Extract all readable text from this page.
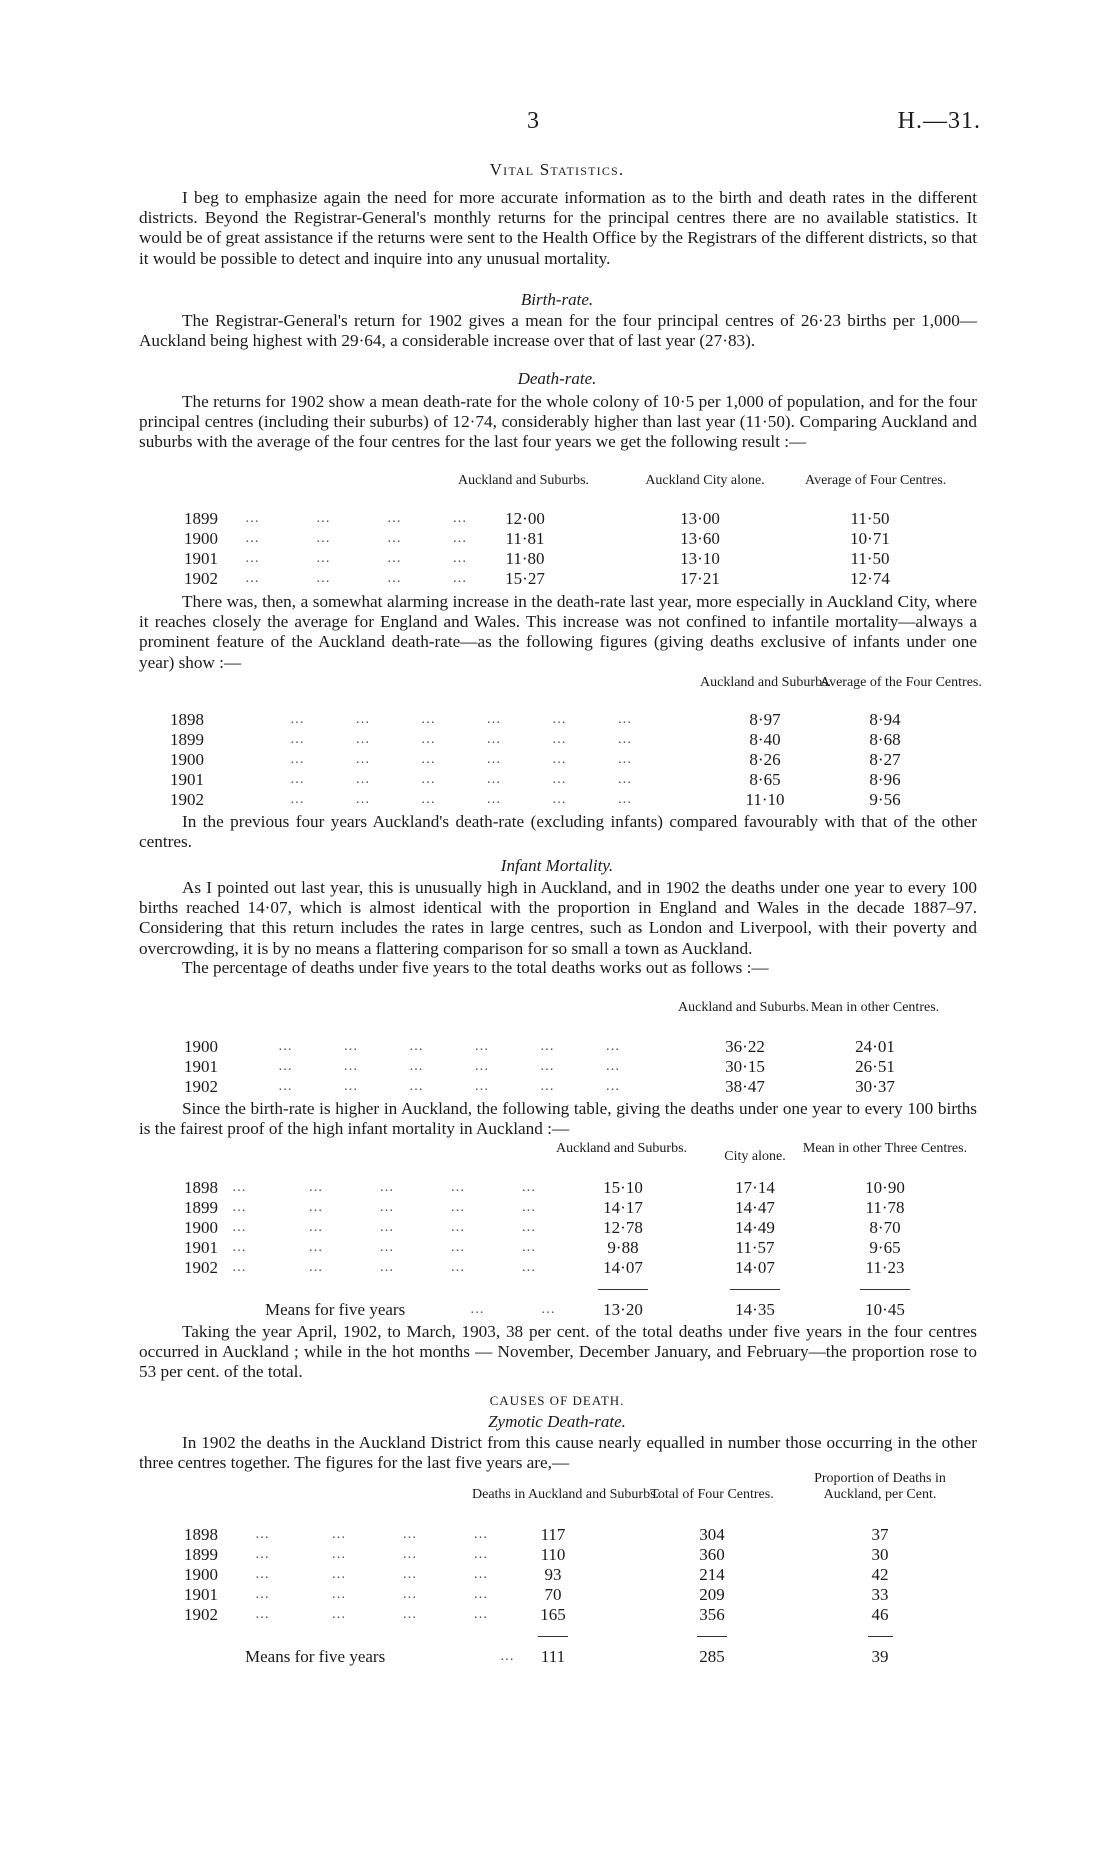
3	H.—31.
Vital Statistics.

I beg to emphasize again the need for more accurate information as to the birth and death rates in the different districts. Beyond the Registrar-General's monthly returns for the principal centres there are no available statistics. It would be of great assistance if the returns were sent to the Health Office by the Registrars of the different districts, so that it would be possible to detect and inquire into any unusual mortality.

Birth-rate.

The Registrar-General's return for 1902 gives a mean for the four principal centres of 26·23 births per 1,000—Auckland being highest with 29·64, a considerable increase over that of last year (27·83).

Death-rate.

The returns for 1902 show a mean death-rate for the whole colony of 10·5 per 1,000 of population, and for the four principal centres (including their suburbs) of 12·74, considerably higher than last year (11·50). Comparing Auckland and suburbs with the average of the four centres for the last four years we get the following result :—

Auckland and Suburbs.	Auckland City alone.	Average of Four Centres.
1899 …          …          …         …	12·00	13·00	11·50
1900 …          …          …         …	11·81	13·60	10·71
1901 …          …          …         …	11·80	13·10	11·50
1902 …          …          …         …	15·27	17·21	12·74

There was, then, a somewhat alarming increase in the death-rate last year, more especially in Auckland City, where it reaches closely the average for England and Wales. This increase was not confined to infantile mortality—always a prominent feature of the Auckland death-rate—as the following figures (giving deaths exclusive of infants under one year) show :—

Auckland and Suburbs.
Average of the Four Centres.
1898	…         …         …         …         …         …	8·97	8·94
1899	…         …         …         …         …         …	8·40	8·68
1900	…         …         …         …         …         …	8·26	8·27
1901	…         …         …         …         …         …	8·65	8·96
1902	…         …         …         …         …         …	11·10	9·56

In the previous four years Auckland's death-rate (excluding infants) compared favourably with that of the other centres.

Infant Mortality.

As I pointed out last year, this is unusually high in Auckland, and in 1902 the deaths under one year to every 100 births reached 14·07, which is almost identical with the proportion in England and Wales in the decade 1887–97. Considering that this return includes the rates in large centres, such as London and Liverpool, with their poverty and overcrowding, it is by no means a flattering comparison for so small a town as Auckland.

The percentage of deaths under five years to the total deaths works out as follows :—

Auckland and Suburbs. Mean in other Centres.
1900	…         …         …         …         …         …	36·22	24·01
1901	…         …         …         …         …         …	30·15	26·51
1902	…         …         …         …         …         …	38·47	30·37

Since the birth-rate is higher in Auckland, the following table, giving the deaths under one year to every 100 births is the fairest proof of the high infant mortality in Auckland :—

Auckland and Suburbs.
City alone.
Mean in other Three Centres.
1898 …           …          …          …          …	15·10	17·14	10·90
1899 …           …          …          …          …	14·17	14·47	11·78
1900 …           …          …          …          …	12·78	14·49	8·70
1901 …           …          …          …          …	9·88	11·57	9·65
1902 …           …          …          …          …	14·07	14·07	11·23
Means for five years	…          …	13·20	14·35	10·45

Taking the year April, 1902, to March, 1903, 38 per cent. of the total deaths under five years in the four centres occurred in Auckland ; while in the hot months — November, December January, and February—the proportion rose to 53 per cent. of the total.

CAUSES OF DEATH.
Zymotic Death-rate.

In 1902 the deaths in the Auckland District from this cause nearly equalled in number those occurring in the other three centres together. The figures for the last five years are,—

Deaths in Auckland and Suburbs.
Total of Four Centres.
Proportion of Deaths in Auckland, per Cent.
1898	…           …          …          …	117	304	37
1899	…           …          …          …	110	360	30
1900	…           …          …          …	93	214	42
1901	…           …          …          …	70	209	33
1902	…           …          …          …	165	356	46
Means for five years	…	111	285	39
